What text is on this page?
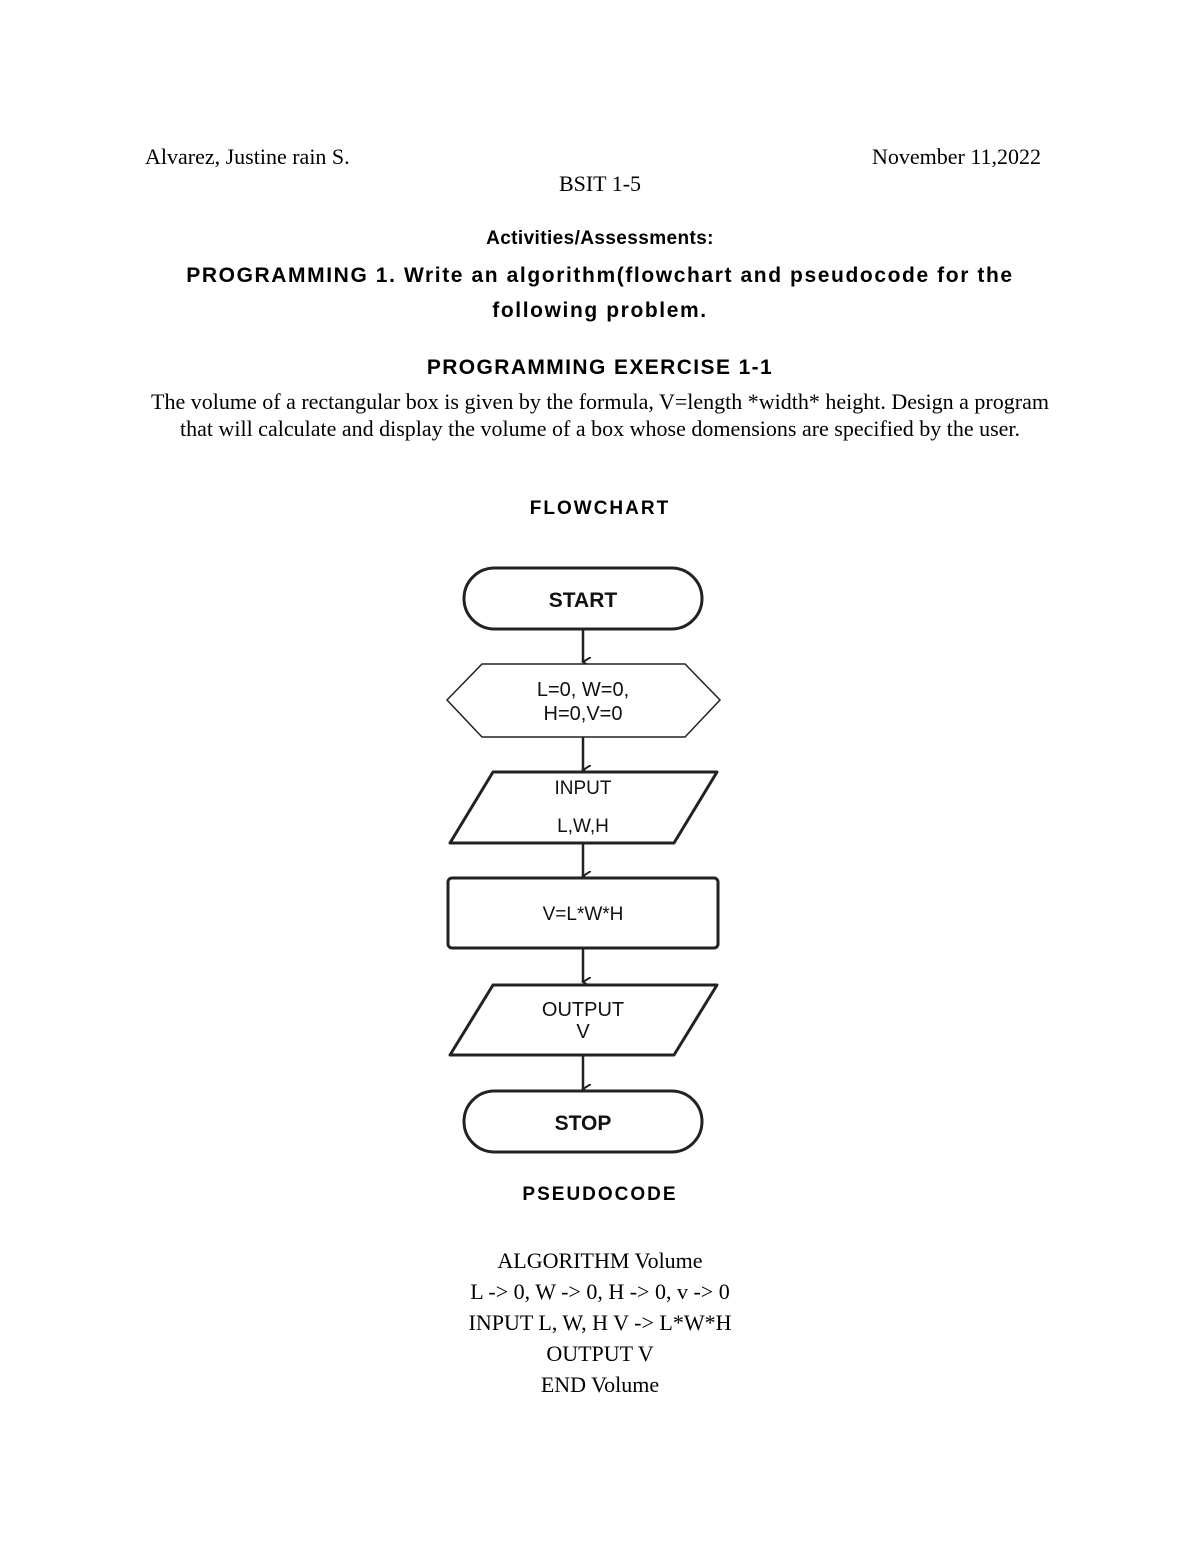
Alvarez, Justine rain S.	November 11,2022
BSIT 1-5
Activities/Assessments:
PROGRAMMING 1. Write an algorithm(flowchart and pseudocode for the following problem.
PROGRAMMING EXERCISE 1-1
The volume of a rectangular box is given by the formula, V=length *width* height. Design a program that will calculate and display the volume of a box whose domensions are specified by the user.
FLOWCHART
START
L=0, W=0,
H=0,V=0
INPUT
L,W,H
V=L*W*H
OUTPUT
V
STOP
PSEUDOCODE
ALGORITHM Volume
L -> 0, W -> 0, H -> 0, v -> 0
INPUT L, W, H V -> L*W*H
OUTPUT V
END Volume
